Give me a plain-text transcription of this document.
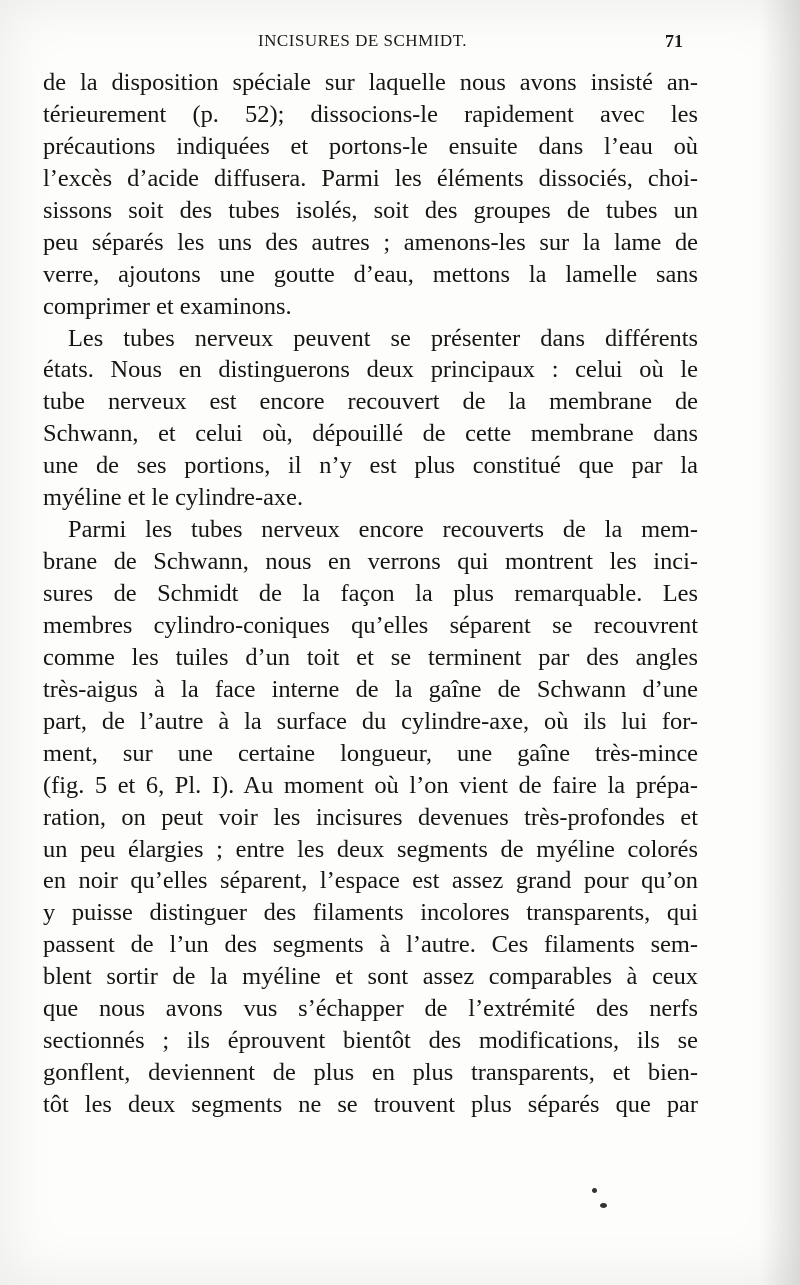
INCISURES DE SCHMIDT.	71
de la disposition spéciale sur laquelle nous avons insisté an-
térieurement (p. 52); dissocions-le rapidement avec les
précautions indiquées et portons-le ensuite dans l’eau où
l’excès d’acide diffusera. Parmi les éléments dissociés, choi-
sissons soit des tubes isolés, soit des groupes de tubes un
peu séparés les uns des autres ; amenons-les sur la lame de
verre, ajoutons une goutte d’eau, mettons la lamelle sans
comprimer et examinons.
Les tubes nerveux peuvent se présenter dans différents
états. Nous en distinguerons deux principaux : celui où le
tube nerveux est encore recouvert de la membrane de
Schwann, et celui où, dépouillé de cette membrane dans
une de ses portions, il n’y est plus constitué que par la
myéline et le cylindre-axe.
Parmi les tubes nerveux encore recouverts de la mem-
brane de Schwann, nous en verrons qui montrent les inci-
sures de Schmidt de la façon la plus remarquable. Les
membres cylindro-coniques qu’elles séparent se recouvrent
comme les tuiles d’un toit et se terminent par des angles
très-aigus à la face interne de la gaîne de Schwann d’une
part, de l’autre à la surface du cylindre-axe, où ils lui for-
ment, sur une certaine longueur, une gaîne très-mince
(fig. 5 et 6, Pl. I). Au moment où l’on vient de faire la prépa-
ration, on peut voir les incisures devenues très-profondes et
un peu élargies ; entre les deux segments de myéline colorés
en noir qu’elles séparent, l’espace est assez grand pour qu’on
y puisse distinguer des filaments incolores transparents, qui
passent de l’un des segments à l’autre. Ces filaments sem-
blent sortir de la myéline et sont assez comparables à ceux
que nous avons vus s’échapper de l’extrémité des nerfs
sectionnés ; ils éprouvent bientôt des modifications, ils se
gonflent, deviennent de plus en plus transparents, et bien-
tôt les deux segments ne se trouvent plus séparés que par
